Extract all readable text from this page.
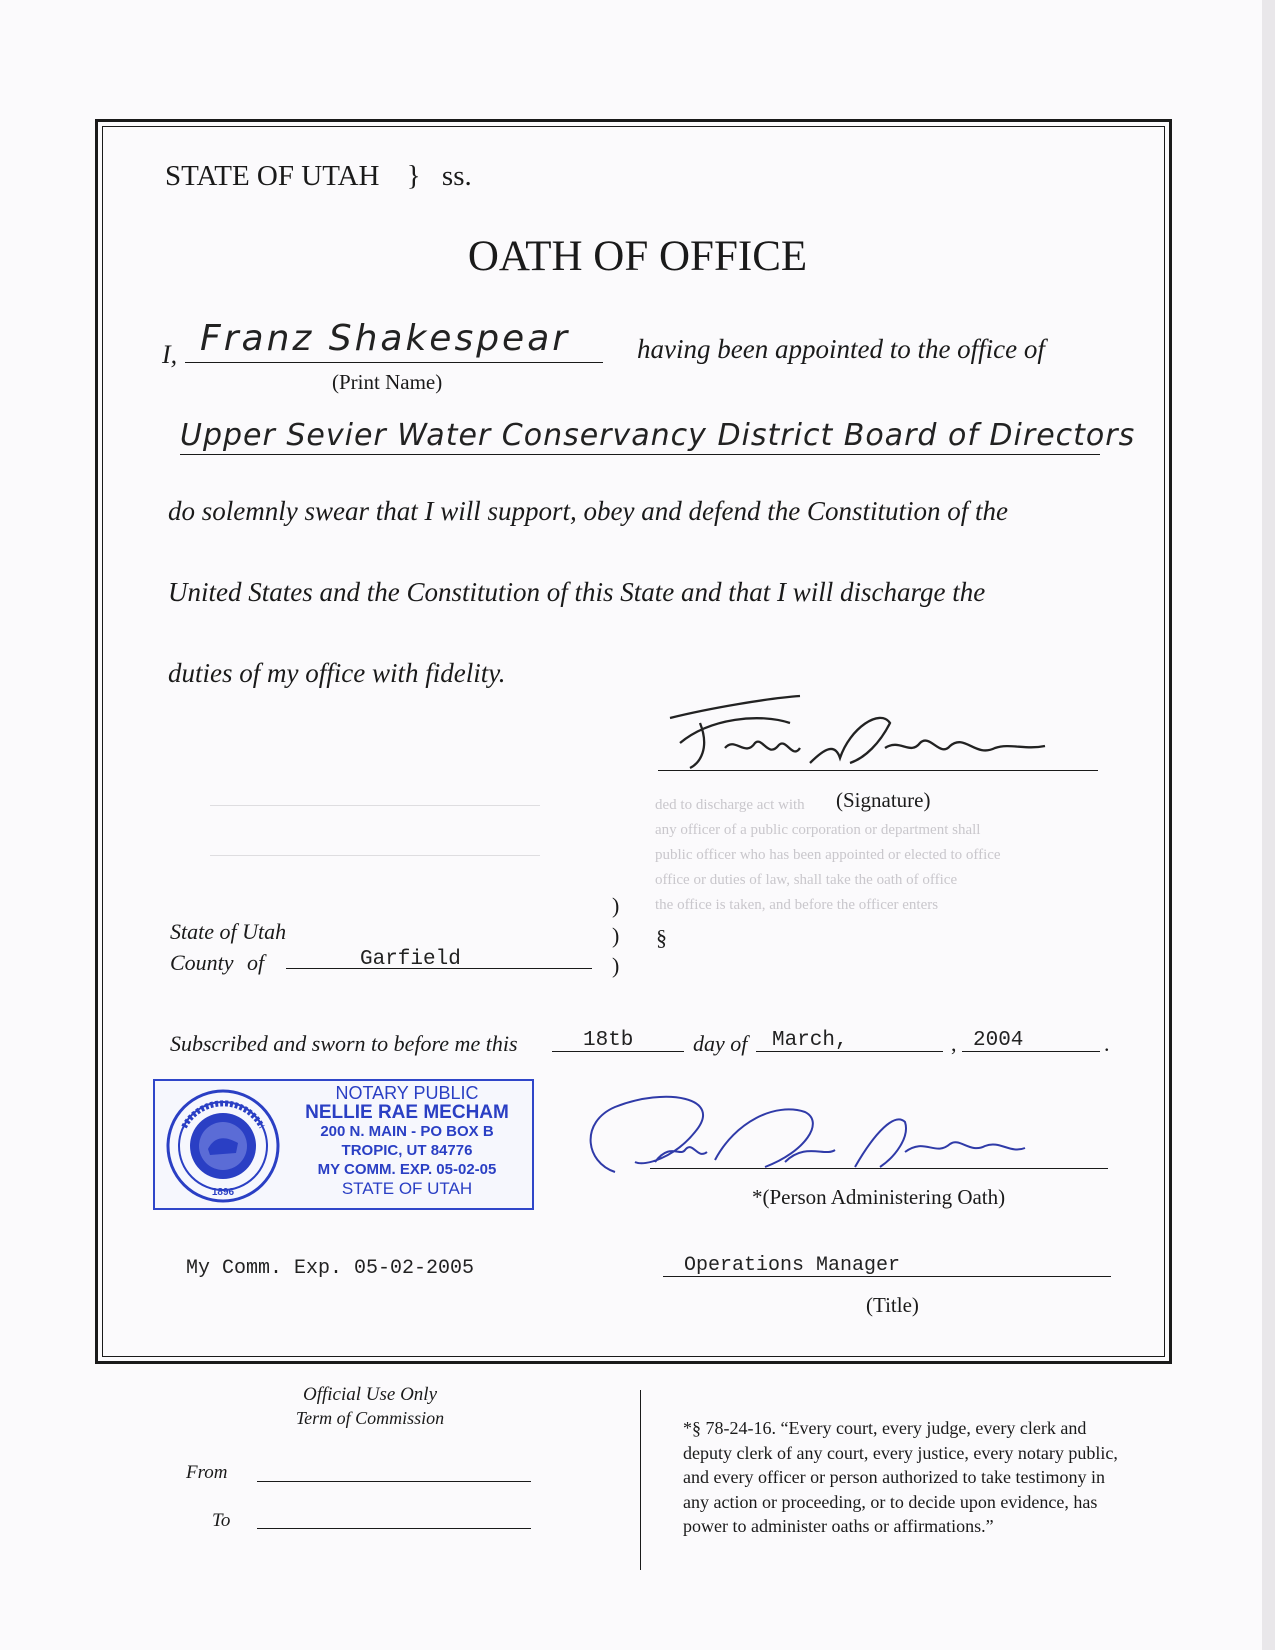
ded to discharge act with
any officer of a public corporation or department shall
public officer who has been appointed or elected to office
office or duties of law, shall take the oath of office
the office is taken, and before the officer enters
STATE OF UTAH } ss.
OATH OF OFFICE
I, Franz Shakespear having been appointed to the office of
(Print Name)
Upper Sevier Water Conservancy District Board of Directors
do solemnly swear that I will support, obey and defend the Constitution of the
United States and the Constitution of this State and that I will discharge the
duties of my office with fidelity.
(Signature)
State of Utah
County of	Garfield
)
)
)
§
Subscribed and sworn to before me this	18tb	day of March,	, 2004	.
1896
NOTARY PUBLIC
NELLIE RAE MECHAM
200 N. MAIN - PO BOX B
TROPIC, UT 84776
MY COMM. EXP. 05-02-05
STATE OF UTAH	*(Person Administering Oath)
My Comm. Exp. 05-02-2005	Operations Manager
(Title)
Official Use Only
Term of Commission
From
To
*§ 78-24-16. “Every court, every judge, every clerk and
deputy clerk of any court, every justice, every notary public,
and every officer or person authorized to take testimony in
any action or proceeding, or to decide upon evidence, has
power to administer oaths or affirmations.”
